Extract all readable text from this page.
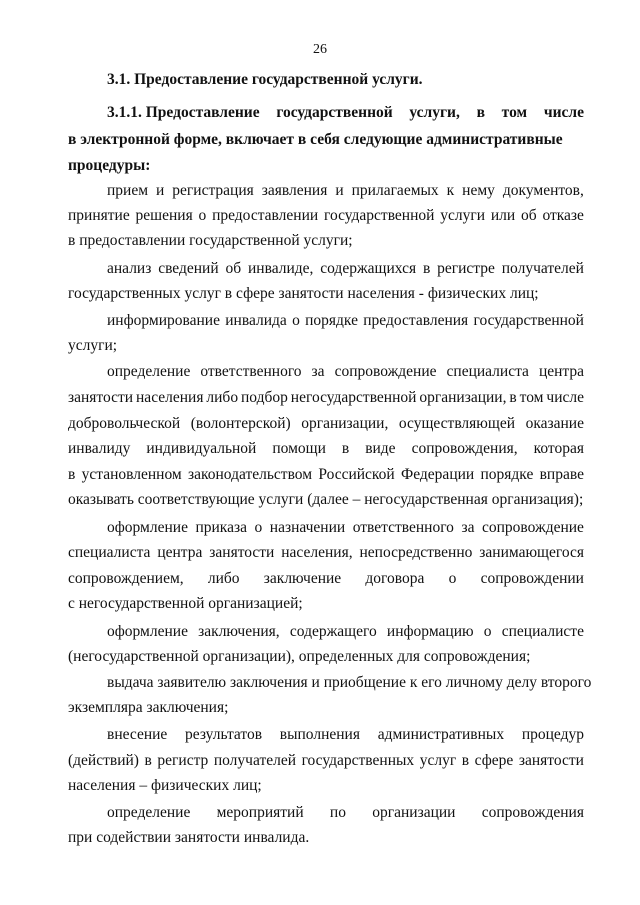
26
3.1. Предоставление государственной услуги.
3.1.1. Предоставление государственной услуги, в том числе
в электронной форме, включает в себя следующие административные
процедуры:
прием и регистрация заявления и прилагаемых к нему документов,
принятие решения о предоставлении государственной услуги или об отказе
в предоставлении государственной услуги;
анализ сведений об инвалиде, содержащихся в регистре получателей
государственных услуг в сфере занятости населения - физических лиц;
информирование инвалида о порядке предоставления государственной
услуги;
определение ответственного за сопровождение специалиста центра
занятости населения либо подбор негосударственной организации, в том числе
добровольческой (волонтерской) организации, осуществляющей оказание
инвалиду индивидуальной помощи в виде сопровождения, которая
в установленном законодательством Российской Федерации порядке вправе
оказывать соответствующие услуги (далее – негосударственная организация);
оформление приказа о назначении ответственного за сопровождение
специалиста центра занятости населения, непосредственно занимающегося
сопровождением, либо заключение договора о сопровождении
с негосударственной организацией;
оформление заключения, содержащего информацию о специалисте
(негосударственной организации), определенных для сопровождения;
выдача заявителю заключения и приобщение к его личному делу второго
экземпляра заключения;
внесение результатов выполнения административных процедур
(действий) в регистр получателей государственных услуг в сфере занятости
населения – физических лиц;
определение мероприятий по организации сопровождения
при содействии занятости инвалида.
